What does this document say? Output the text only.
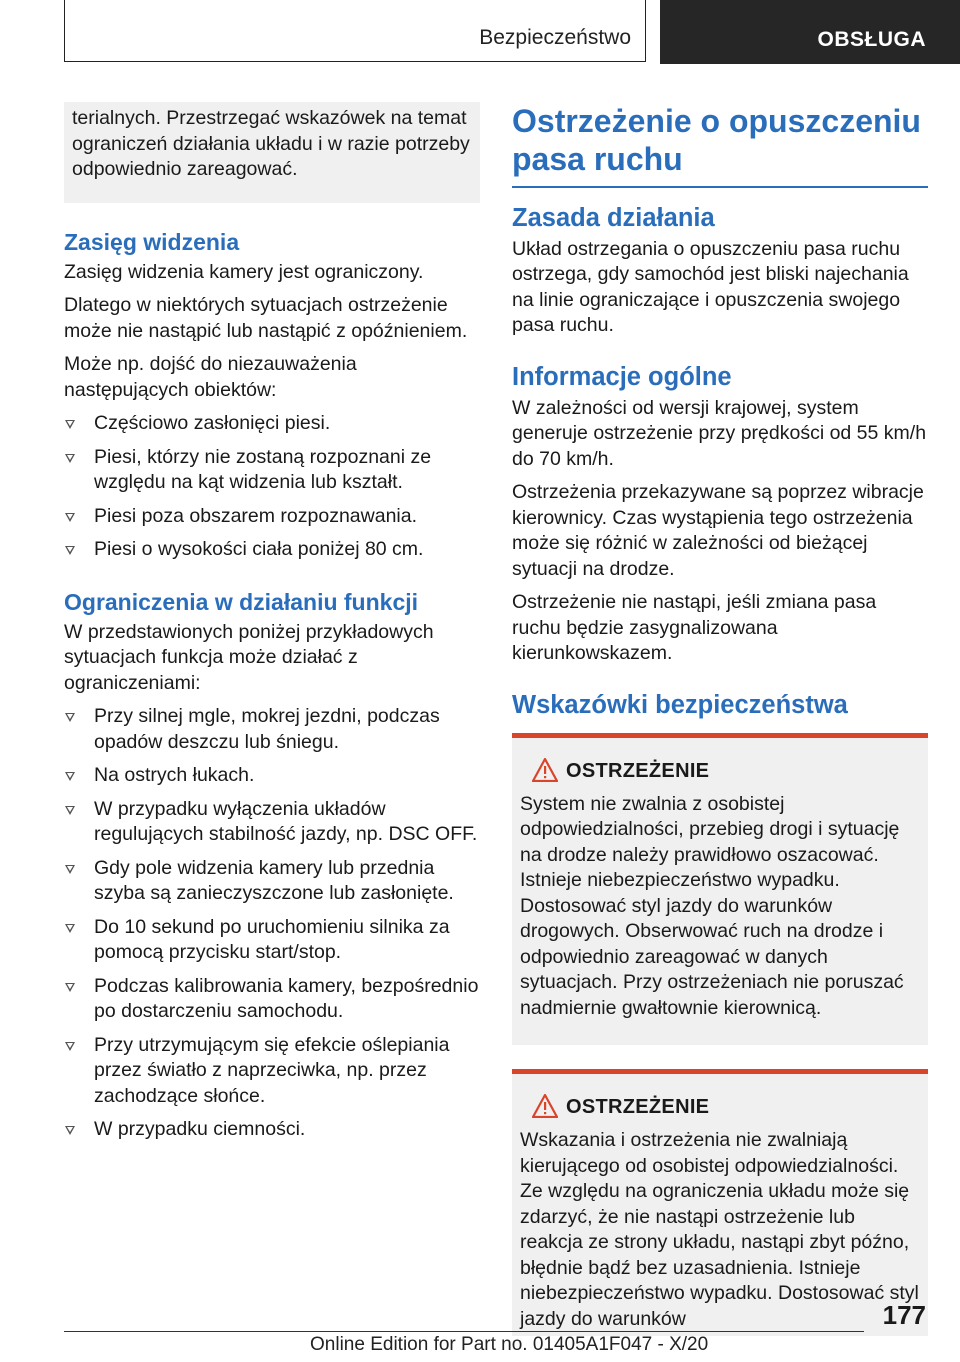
Bezpieczeństwo	OBSŁUGA

terialnych. Przestrzegać wskazówek na temat ograniczeń działania układu i w razie potrzeby odpowiednio zareagować.

Zasięg widzenia

Zasięg widzenia kamery jest ograniczony.

Dlatego w niektórych sytuacjach ostrzeżenie może nie nastąpić lub nastąpić z opóźnieniem.

Może np. dojść do niezauważenia następujących obiektów:

Częściowo zasłonięci piesi.
Piesi, którzy nie zostaną rozpoznani ze względu na kąt widzenia lub kształt.
Piesi poza obszarem rozpoznawania.
Piesi o wysokości ciała poniżej 80 cm.
Ograniczenia w działaniu funkcji

W przedstawionych poniżej przykładowych sytuacjach funkcja może działać z ograniczeniami:

Przy silnej mgle, mokrej jezdni, podczas opadów deszczu lub śniegu.
Na ostrych łukach.
W przypadku wyłączenia układów regulujących stabilność jazdy, np. DSC OFF.
Gdy pole widzenia kamery lub przednia szyba są zanieczyszczone lub zasłonięte.
Do 10 sekund po uruchomieniu silnika za pomocą przycisku start/stop.
Podczas kalibrowania kamery, bezpośrednio po dostarczeniu samochodu.
Przy utrzymującym się efekcie oślepiania przez światło z naprzeciwka, np. przez zachodzące słońce.
W przypadku ciemności.
Ostrzeżenie o opuszczeniu pasa ruchu
Zasada działania

Układ ostrzegania o opuszczeniu pasa ruchu ostrzega, gdy samochód jest bliski najechania na linie ograniczające i opuszczenia swojego pasa ruchu.

Informacje ogólne

W zależności od wersji krajowej, system generuje ostrzeżenie przy prędkości od 55 km/h do 70 km/h.

Ostrzeżenia przekazywane są poprzez wibracje kierownicy. Czas wystąpienia tego ostrzeżenia może się różnić w zależności od bieżącej sytuacji na drodze.

Ostrzeżenie nie nastąpi, jeśli zmiana pasa ruchu będzie zasygnalizowana kierunkowskazem.

Wskazówki bezpieczeństwa
OSTRZEŻENIE

System nie zwalnia z osobistej odpowiedzialności, przebieg drogi i sytuację na drodze należy prawidłowo oszacować. Istnieje niebezpieczeństwo wypadku. Dostosować styl jazdy do warunków drogowych. Obserwować ruch na drodze i odpowiednio zareagować w danych sytuacjach. Przy ostrzeżeniach nie poruszać nadmiernie gwałtownie kierownicą.

OSTRZEŻENIE

Wskazania i ostrzeżenia nie zwalniają kierującego od osobistej odpowiedzialności. Ze względu na ograniczenia układu może się zdarzyć, że nie nastąpi ostrzeżenie lub reakcja ze strony układu, nastąpi zbyt późno, błędnie bądź bez uzasadnienia. Istnieje niebezpieczeństwo wypadku. Dostosować styl jazdy do warunków	177
Online Edition for Part no. 01405A1F047 - X/20
